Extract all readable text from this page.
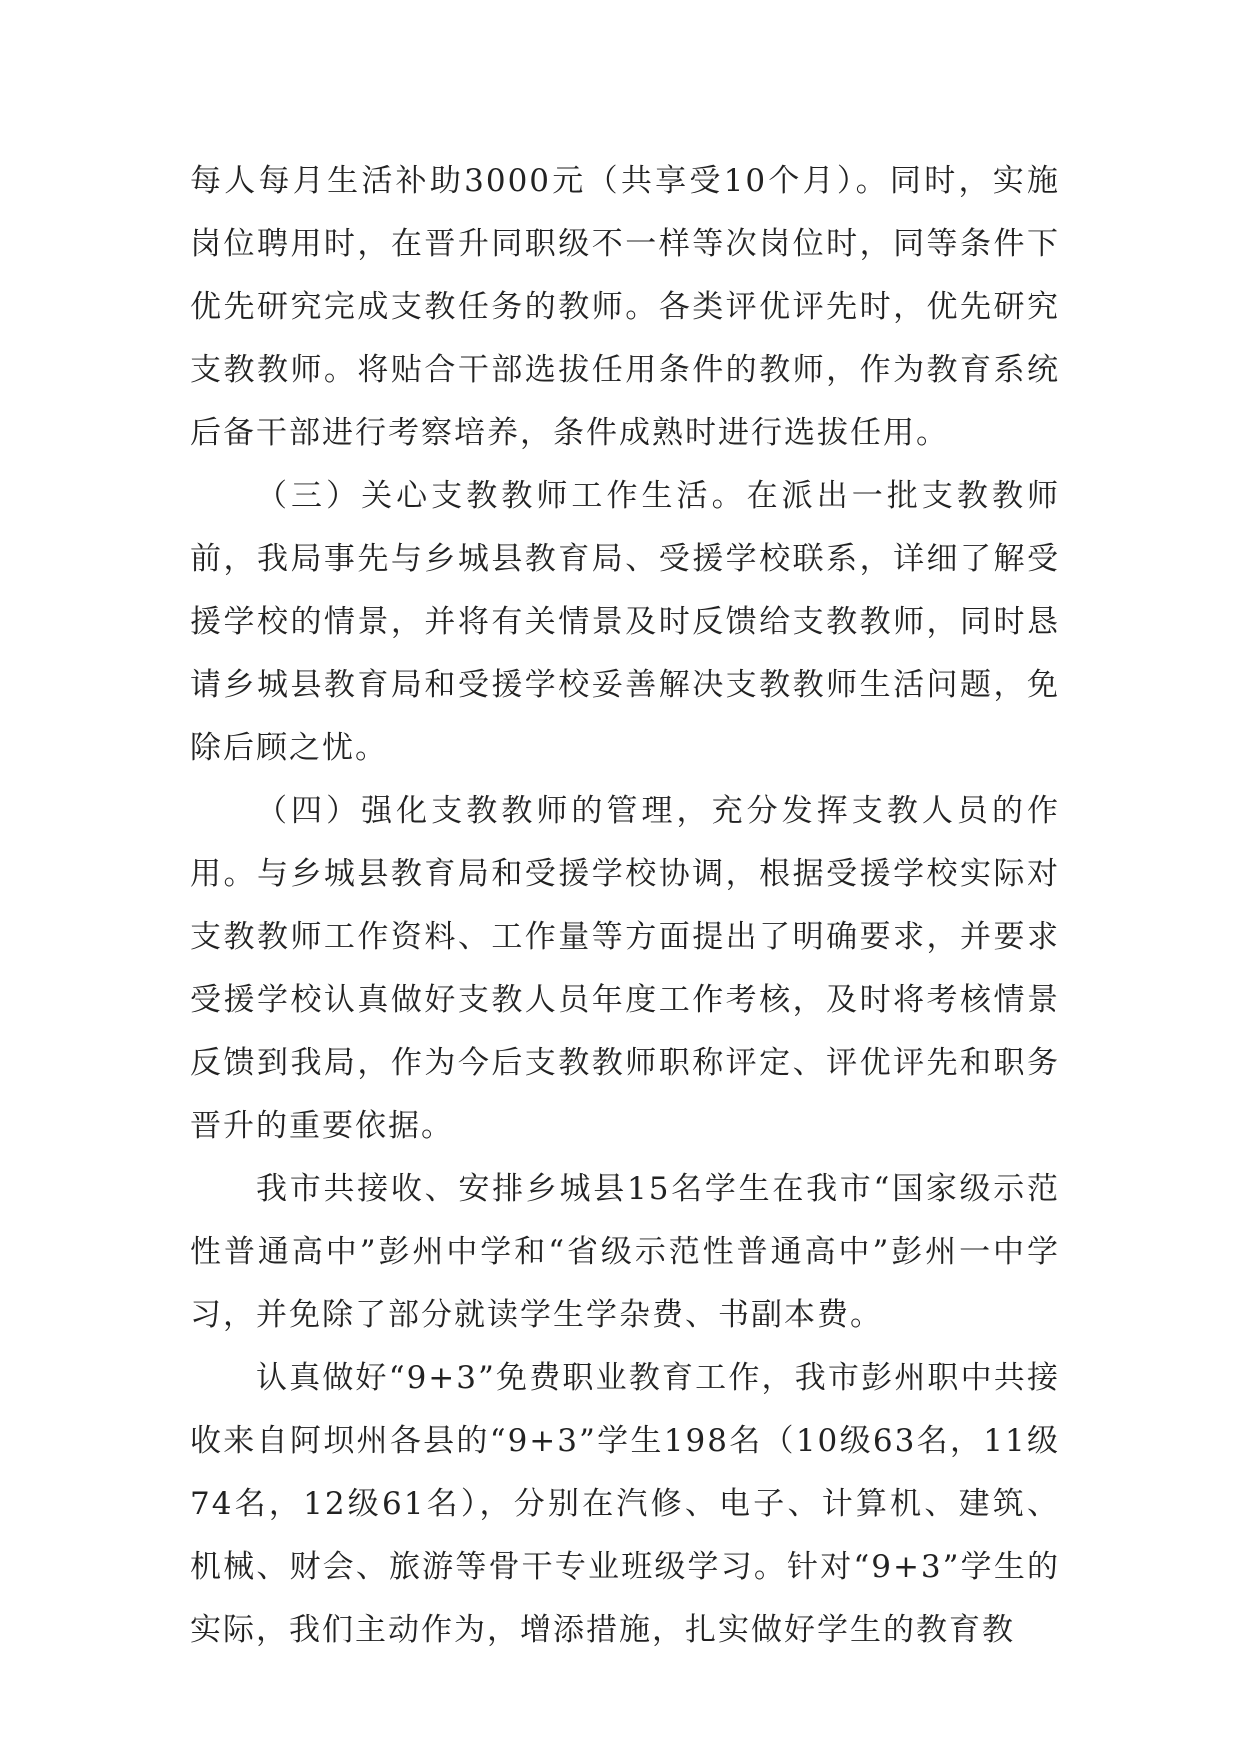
每人每月生活补助3000元（共享受10个月）。同时，实施岗位聘用时，在晋升同职级不一样等次岗位时，同等条件下优先研究完成支教任务的教师。各类评优评先时，优先研究支教教师。将贴合干部选拔任用条件的教师，作为教育系统后备干部进行考察培养，条件成熟时进行选拔任用。

（三）关心支教教师工作生活。在派出一批支教教师前，我局事先与乡城县教育局、受援学校联系，详细了解受援学校的情景，并将有关情景及时反馈给支教教师，同时恳请乡城县教育局和受援学校妥善解决支教教师生活问题，免除后顾之忧。

（四）强化支教教师的管理，充分发挥支教人员的作用。与乡城县教育局和受援学校协调，根据受援学校实际对支教教师工作资料、工作量等方面提出了明确要求，并要求受援学校认真做好支教人员年度工作考核，及时将考核情景反馈到我局，作为今后支教教师职称评定、评优评先和职务晋升的重要依据。

我市共接收、安排乡城县15名学生在我市“国家级示范性普通高中”彭州中学和“省级示范性普通高中”彭州一中学习，并免除了部分就读学生学杂费、书副本费。

认真做好“9+3”免费职业教育工作，我市彭州职中共接收来自阿坝州各县的“9+3”学生198名（10级63名，11级74名，12级61名），分别在汽修、电子、计算机、建筑、机械、财会、旅游等骨干专业班级学习。针对“9+3”学生的实际，我们主动作为，增添措施，扎实做好学生的教育教
